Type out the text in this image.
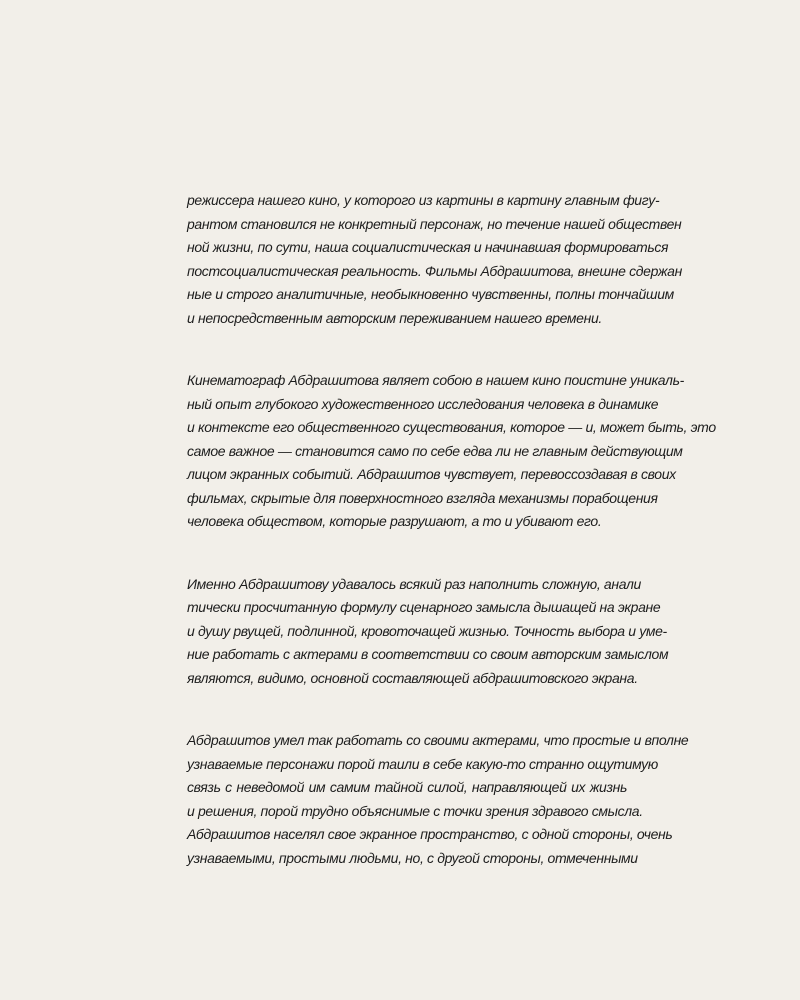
режиссера нашего кино, у которого из картины в картину главным фигу-
рантом становился не конкретный персонаж, но течение нашей обществен
ной жизни, по сути, наша социалистическая и начинавшая формироваться
постсоциалистическая реальность. Фильмы Абдрашитова, внешне сдержан
ные и строго аналитичные, необыкновенно чувственны, полны тончайшим
и непосредственным авторским переживанием нашего времени.

Кинематограф Абдрашитова являет собою в нашем кино поистине уникаль-
ный опыт глубокого художественного исследования человека в динамике
и контексте его общественного существования, которое — и, может быть, это
самое важное — становится само по себе едва ли не главным действующим
лицом экранных событий. Абдрашитов чувствует, перевоссоздавая в своих
фильмах, скрытые для поверхностного взгляда механизмы порабощения
человека обществом, которые разрушают, а то и убивают его.

Именно Абдрашитову удавалось всякий раз наполнить сложную, анали
тически просчитанную формулу сценарного замысла дышащей на экране
и душу рвущей, подлинной, кровоточащей жизнью. Точность выбора и уме-
ние работать с актерами в соответствии со своим авторским замыслом
являются, видимо, основной составляющей абдрашитовского экрана.

Абдрашитов умел так работать со своими актерами, что простые и вполне
узнаваемые персонажи порой таили в себе какую-то странно ощутимую
связь с неведомой им самим тайной силой, направляющей их жизнь
и решения, порой трудно объяснимые с точки зрения здравого смысла.
Абдрашитов населял свое экранное пространство, с одной стороны, очень
узнаваемыми, простыми людьми, но, с другой стороны, отмеченными
